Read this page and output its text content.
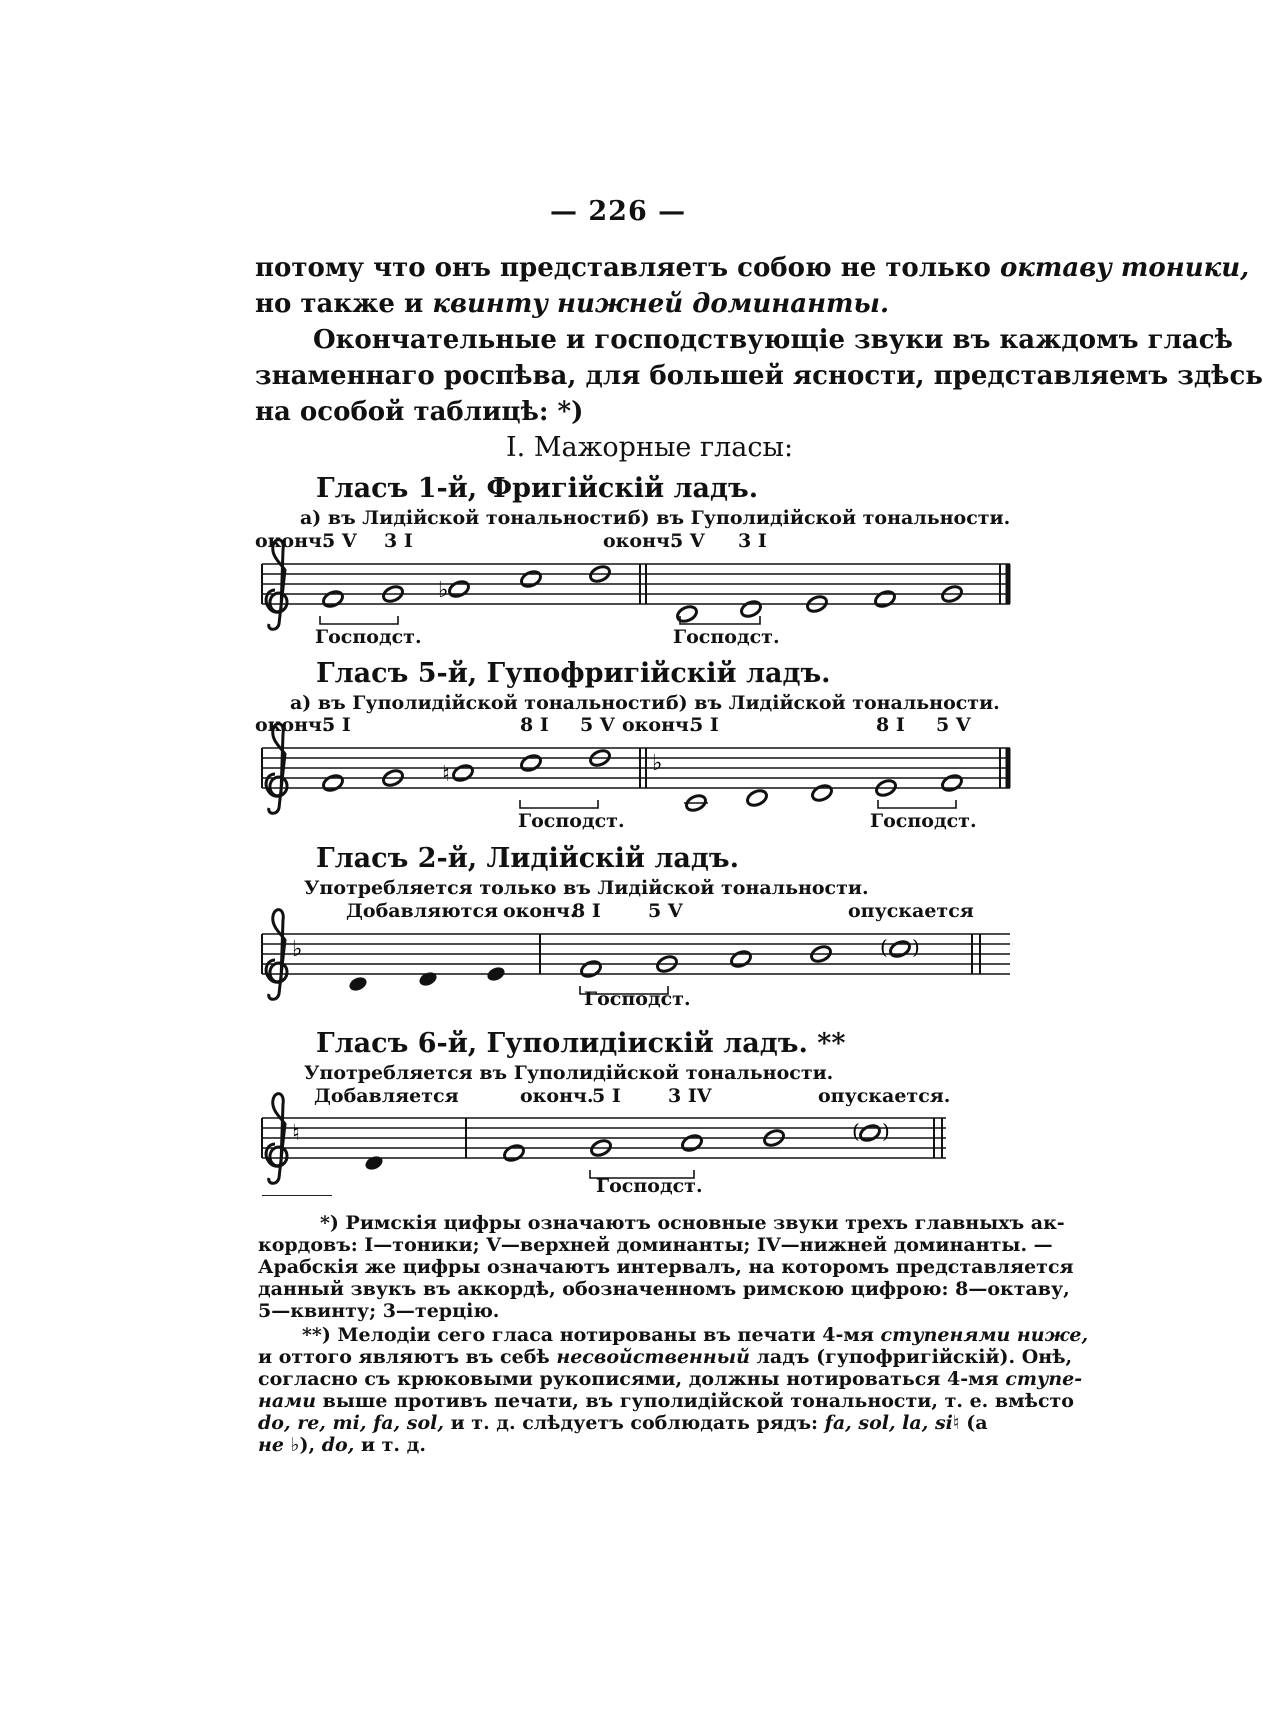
— 226 —
потому что онъ представляетъ собою не только октаву тоники,
но также и квинту нижней доминанты.
Окончательные и господствующіе звуки въ каждомъ гласѣ
знаменнаго роспѣва, для большей ясности, представляемъ здѣсь
на особой таблицѣ: *)
I. Мажорные гласы:
Гласъ 1-й, Фригійскій ладъ.
а) въ Лидійской тональности.
б) въ Гуполидійской тональности.
оконч.
5 V 3 I	оконч.
5 V 3 I
Господст.	Господст.
Гласъ 5-й, Гупофригійскій ладъ.
а) въ Гуполидійской тональности.
б) въ Лидійской тональности.
оконч.
5 I	8 I 5 V оконч.
5 I	8 I 5 V
Господст.	Господст.
Гласъ 2-й, Лидійскій ладъ.
Употребляется только въ Лидійской тональности.
Добавляются оконч.
8 I 5 V	опускается
Господст.
Гласъ 6-й, Гуполидіискій ладъ. **
Употребляется въ Гуполидійской тональности.
Добавляется	оконч.
5 I 3 IV	опускается.
Господст.
♭
♭
♮
♭	( )
♮	( )
*) Римскія цифры означаютъ основные звуки трехъ главныхъ ак-
кордовъ: I—тоники; V—верхней доминанты; IV—нижней доминанты. —
Арабскія же цифры означаютъ интервалъ, на которомъ представляется
данный звукъ въ аккордѣ, обозначенномъ римскою цифрою: 8—октаву,
5—квинту; 3—терцію.
**) Мелодіи сего гласа нотированы въ печати 4-мя ступенями ниже,
и оттого являютъ въ себѣ несвойственный ладъ (гупофригійскій). Онѣ,
согласно съ крюковыми рукописями, должны нотироваться 4-мя ступе-
нами выше противъ печати, въ гуполидійской тональности, т. е. вмѣсто
do, re, mi, fa, sol, и т. д. слѣдуетъ соблюдать рядъ: fa, sol, la, si♮ (а
не ♭), do, и т. д.
